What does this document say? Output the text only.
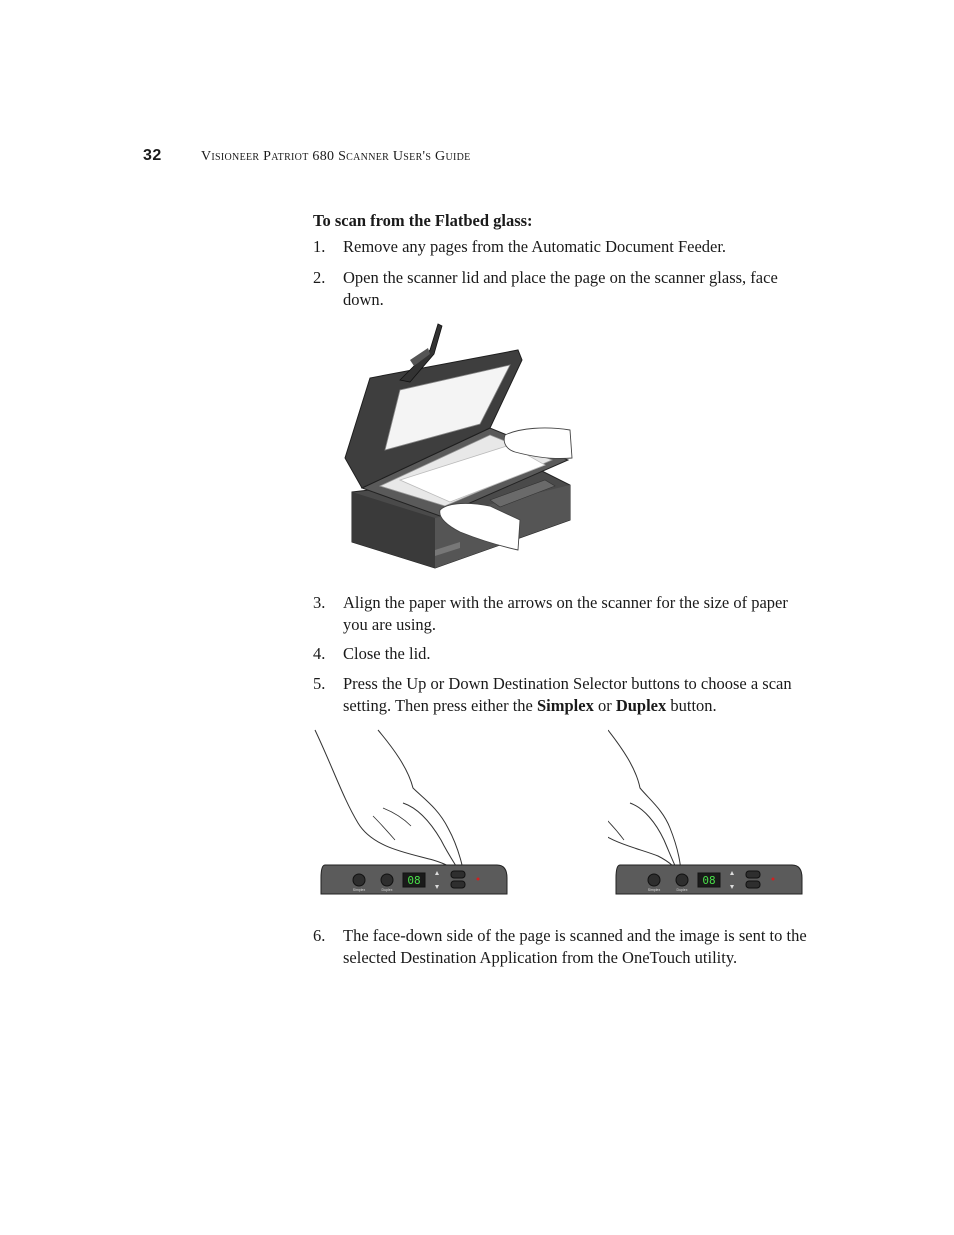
32	Visioneer Patriot 680 Scanner User's Guide
To scan from the Flatbed glass:
1. Remove any pages from the Automatic Document Feeder.
2. Open the scanner lid and place the page on the scanner glass, face down.
3. Align the paper with the arrows on the scanner for the size of paper you are using.
4. Close the lid.
5. Press the Up or Down Destination Selector buttons to choose a scan setting. Then press either the Simplex or Duplex button.
Simplex	Duplex
08
Simplex	Duplex
08
6. The face-down side of the page is scanned and the image is sent to the selected Destination Application from the OneTouch utility.
